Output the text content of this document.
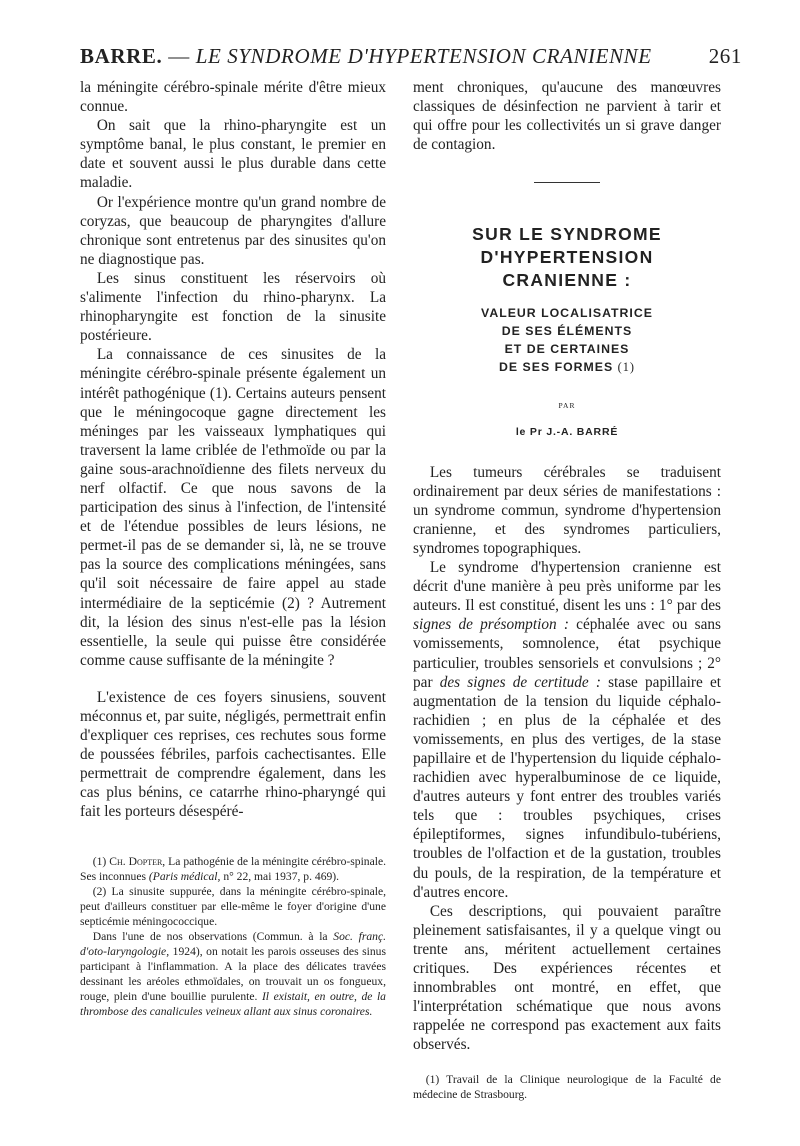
BARRE. — LE SYNDROME D'HYPERTENSION CRANIENNE	261

la méningite cérébro-spinale mérite d'être mieux connue.

On sait que la rhino-pharyngite est un symptôme banal, le plus constant, le premier en date et souvent aussi le plus durable dans cette maladie.

Or l'expérience montre qu'un grand nombre de coryzas, que beaucoup de pharyngites d'allure chronique sont entretenus par des sinusites qu'on ne diagnostique pas.

Les sinus constituent les réservoirs où s'alimente l'infection du rhino-pharynx. La rhinopharyngite est fonction de la sinusite postérieure.

La connaissance de ces sinusites de la méningite cérébro-spinale présente également un intérêt pathogénique (1). Certains auteurs pensent que le méningocoque gagne directement les méninges par les vaisseaux lymphatiques qui traversent la lame criblée de l'ethmoïde ou par la gaine sous-arachnoïdienne des filets nerveux du nerf olfactif. Ce que nous savons de la participation des sinus à l'infection, de l'intensité et de l'étendue possibles de leurs lésions, ne permet-il pas de se demander si, là, ne se trouve pas la source des complications méningées, sans qu'il soit nécessaire de faire appel au stade intermédiaire de la septicémie (2) ? Autrement dit, la lésion des sinus n'est-elle pas la lésion essentielle, la seule qui puisse être considérée comme cause suffisante de la méningite ?

L'existence de ces foyers sinusiens, souvent méconnus et, par suite, négligés, permettrait enfin d'expliquer ces reprises, ces rechutes sous forme de poussées fébriles, parfois cachectisantes. Elle permettrait de comprendre également, dans les cas plus bénins, ce catarrhe rhino-pharyngé qui fait les porteurs désespéré-

(1) Ch. Dopter, La pathogénie de la méningite cérébro-spinale. Ses inconnues (Paris médical, n° 22, mai 1937, p. 469).

(2) La sinusite suppurée, dans la méningite cérébro-spinale, peut d'ailleurs constituer par elle-même le foyer d'origine d'une septicémie méningococcique.

Dans l'une de nos observations (Commun. à la Soc. franç. d'oto-laryngologie, 1924), on notait les parois osseuses des sinus participant à l'inflammation. A la place des délicates travées dessinant les aréoles ethmoïdales, on trouvait un os fongueux, rouge, plein d'une bouillie purulente. Il existait, en outre, de la thrombose des canalicules veineux allant aux sinus coronaires.

ment chroniques, qu'aucune des manœuvres classiques de désinfection ne parvient à tarir et qui offre pour les collectivités un si grave danger de contagion.

SUR LE SYNDROME
D'HYPERTENSION
CRANIENNE :
VALEUR LOCALISATRICE
DE SES ÉLÉMENTS
ET DE CERTAINES
DE SES FORMES (1)
PAR
le Pr J.-A. BARRÉ

Les tumeurs cérébrales se traduisent ordinairement par deux séries de manifestations : un syndrome commun, syndrome d'hypertension cranienne, et des syndromes particuliers, syndromes topographiques.

Le syndrome d'hypertension cranienne est décrit d'une manière à peu près uniforme par les auteurs. Il est constitué, disent les uns : 1° par des signes de présomption : céphalée avec ou sans vomissements, somnolence, état psychique particulier, troubles sensoriels et convulsions ; 2° par des signes de certitude : stase papillaire et augmentation de la tension du liquide céphalo-rachidien ; en plus de la céphalée et des vomissements, en plus des vertiges, de la stase papillaire et de l'hypertension du liquide céphalo-rachidien avec hyperalbuminose de ce liquide, d'autres auteurs y font entrer des troubles variés tels que : troubles psychiques, crises épileptiformes, signes infundibulo-tubériens, troubles de l'olfaction et de la gustation, troubles du pouls, de la respiration, de la température et d'autres encore.

Ces descriptions, qui pouvaient paraître pleinement satisfaisantes, il y a quelque vingt ou trente ans, méritent actuellement certaines critiques. Des expériences récentes et innombrables ont montré, en effet, que l'interprétation schématique que nous avons rappelée ne correspond pas exactement aux faits observés.

(1) Travail de la Clinique neurologique de la Faculté de médecine de Strasbourg.
